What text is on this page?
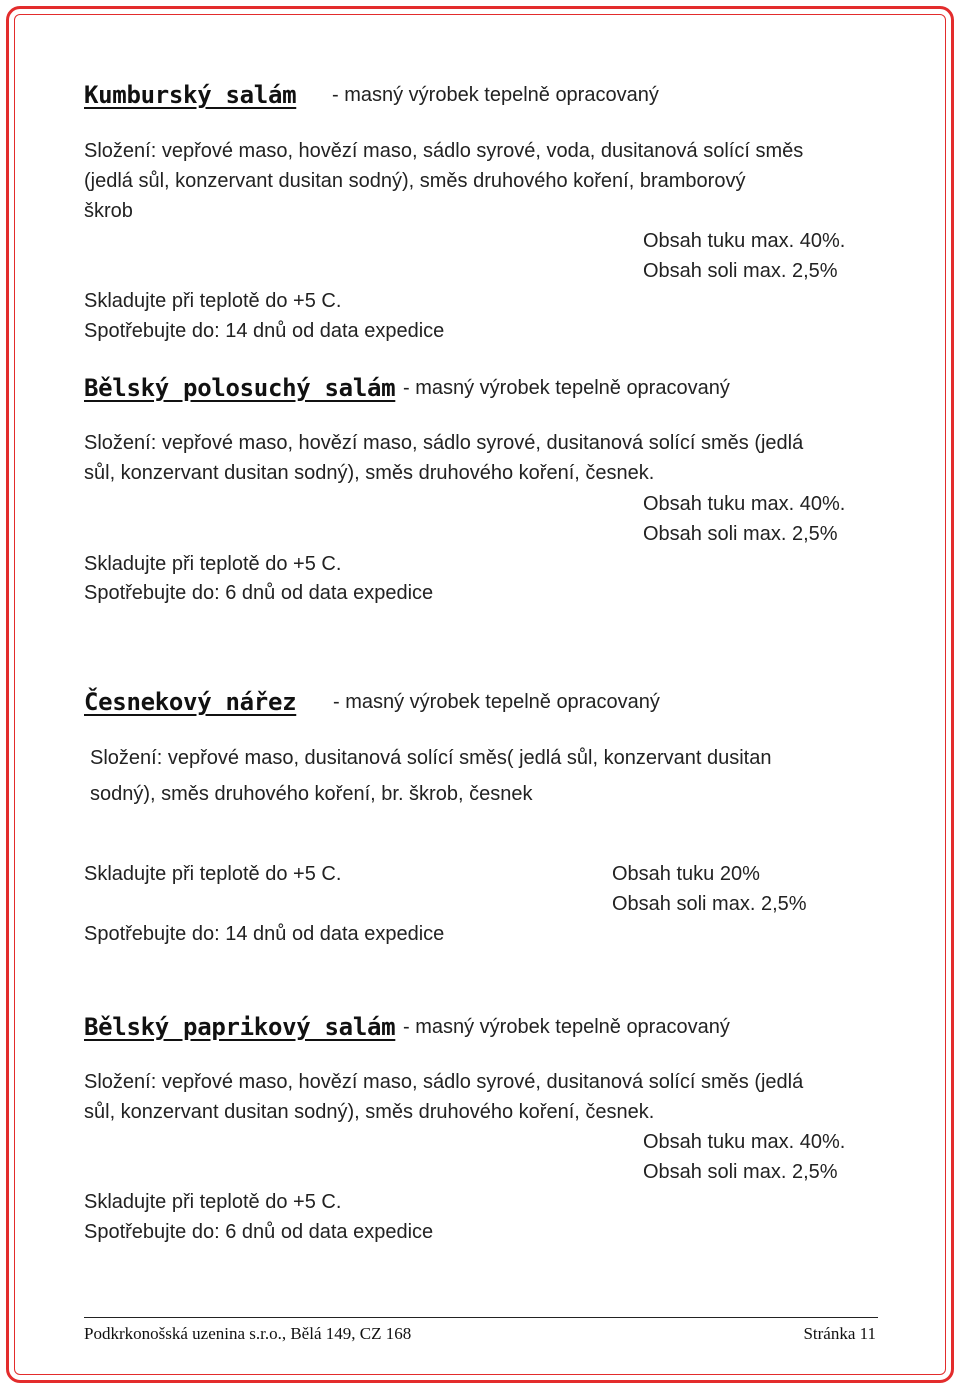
Kumburský salám - masný výrobek tepelně opracovaný
Složení: vepřové maso, hovězí maso, sádlo syrové, voda, dusitanová solící směs
(jedlá sůl, konzervant dusitan sodný), směs druhového koření, bramborový
škrob
Obsah tuku max. 40%.
Obsah soli max. 2,5%
Skladujte při teplotě do +5 C.
Spotřebujte do: 14 dnů od data expedice
Bělský polosuchý salám - masný výrobek tepelně opracovaný
Složení: vepřové maso, hovězí maso, sádlo syrové, dusitanová solící směs (jedlá
sůl, konzervant dusitan sodný), směs druhového koření, česnek.
Obsah tuku max. 40%.
Obsah soli max. 2,5%
Skladujte při teplotě do +5 C.
Spotřebujte do: 6 dnů od data expedice
Česnekový nářez - masný výrobek tepelně opracovaný
Složení: vepřové maso, dusitanová solící směs( jedlá sůl, konzervant dusitan
sodný), směs druhového koření, br. škrob, česnek
Skladujte při teplotě do +5 C.	Obsah tuku 20%
Obsah soli max. 2,5%
Spotřebujte do: 14 dnů od data expedice
Bělský paprikový salám - masný výrobek tepelně opracovaný
Složení: vepřové maso, hovězí maso, sádlo syrové, dusitanová solící směs (jedlá
sůl, konzervant dusitan sodný), směs druhového koření, česnek.
Obsah tuku max. 40%.
Obsah soli max. 2,5%
Skladujte při teplotě do +5 C.
Spotřebujte do: 6 dnů od data expedice
Podkrkonošská uzenina s.r.o., Bělá 149, CZ 168	Stránka 11
